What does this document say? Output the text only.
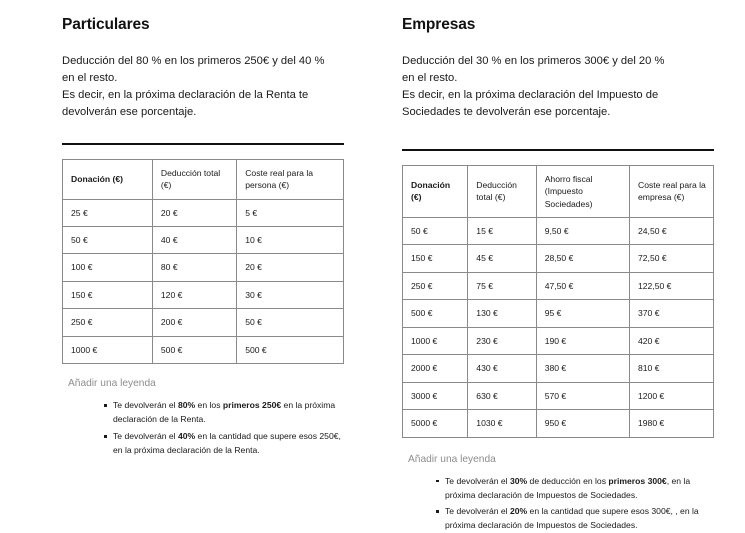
Particulares

Deducción del 80 % en los primeros 250€ y del 40 %

en el resto.

Es decir, en la próxima declaración de la Renta te

devolverán ese porcentaje.

Donación (€)	Deducción total (€)	Coste real para la persona (€)
25 €	20 €	5 €
50 €	40 €	10 €
100 €	80 €	20 €
150 €	120 €	30 €
250 €	200 €	50 €
1000 €	500 €	500 €
Añadir una leyenda
Te devolverán el 80% en los primeros 250€ en la próxima declaración de la Renta.
Te devolverán el 40% en la cantidad que supere esos 250€, en la próxima declaración de la Renta.
Empresas

Deducción del 30 % en los primeros 300€ y del 20 %

en el resto.

Es decir, en la próxima declaración del Impuesto de

Sociedades te devolverán ese porcentaje.

Donación (€)	Deducción total (€)	Ahorro fiscal (Impuesto Sociedades)	Coste real para la empresa (€)
50 €	15 €	9,50 €	24,50 €
150 €	45 €	28,50 €	72,50 €
250 €	75 €	47,50 €	122,50 €
500 €	130 €	95 €	370 €
1000 €	230 €	190 €	420 €
2000 €	430 €	380 €	810 €
3000 €	630 €	570 €	1200 €
5000 €	1030 €	950 €	1980 €
Añadir una leyenda
Te devolverán el 30% de deducción en los primeros 300€, en la próxima declaración de Impuestos de Sociedades.
Te devolverán el 20% en la cantidad que supere esos 300€, , en la próxima declaración de Impuestos de Sociedades.
